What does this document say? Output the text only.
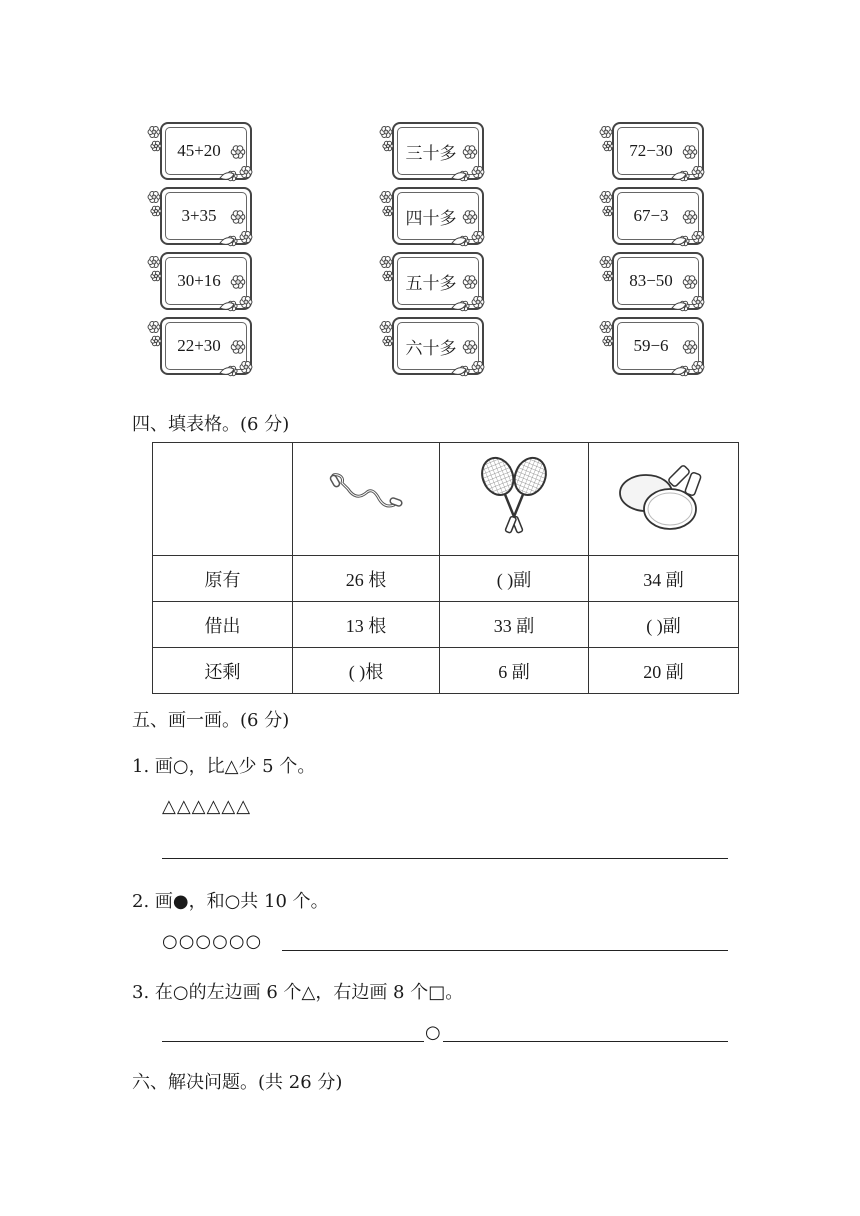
45+20
3+35
30+16
22+30
三十多
四十多
五十多
六十多
72−30
67−3
83−50
59−6
四、填表格。(6 分)

原有	26 根	( )副	34 副
借出	13 根	33 副	( )副
还剩	( )根	6 副	20 副
五、画一画。(6 分)
1. 画○，比△少 5 个。
△△△△△△
2. 画●，和○共 10 个。
○○○○○○
3. 在○的左边画 6 个△，右边画 8 个□。
○
六、解决问题。(共 26 分)
